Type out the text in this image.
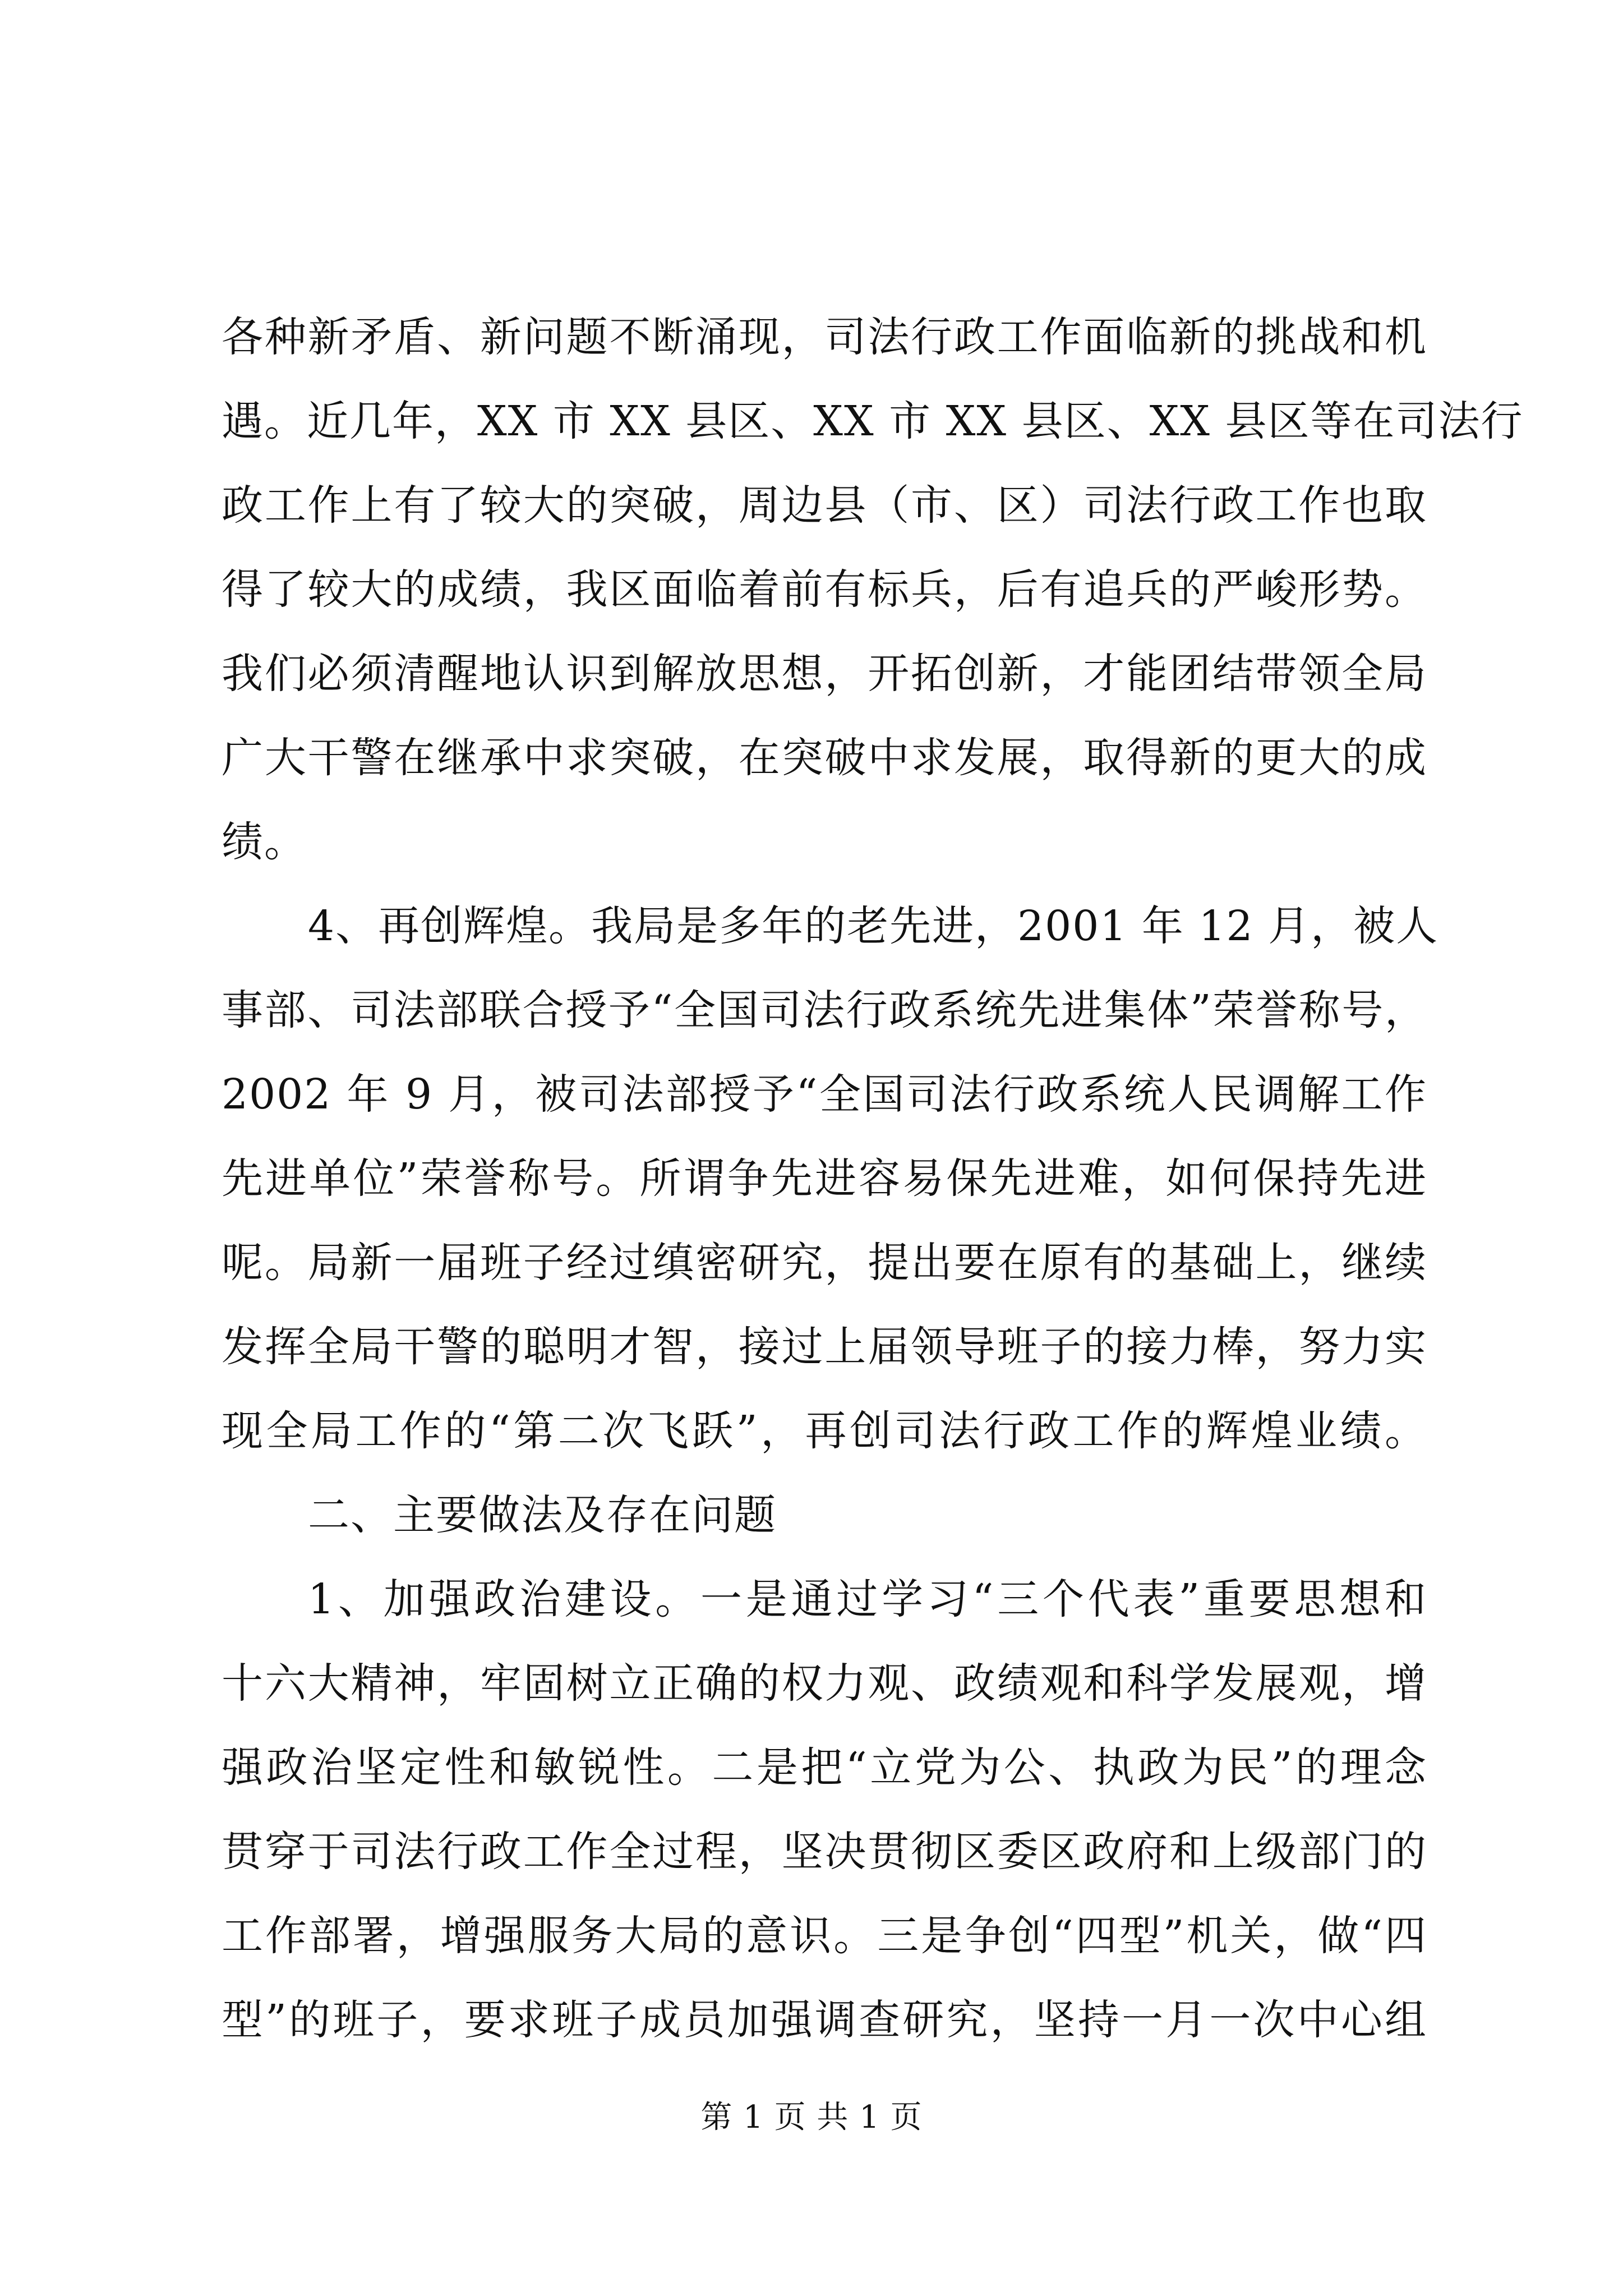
各种新矛盾、新问题不断涌现，司法行政工作面临新的挑战和机
遇。近几年，XX 市 XX 县区、XX 市 XX 县区、XX 县区等在司法行
政工作上有了较大的突破，周边县（市、区）司法行政工作也取
得了较大的成绩，我区面临着前有标兵，后有追兵的严峻形势。
我们必须清醒地认识到解放思想，开拓创新，才能团结带领全局
广大干警在继承中求突破，在突破中求发展，取得新的更大的成
绩。
4、再创辉煌。我局是多年的老先进，2001 年 12 月，被人
事部、司法部联合授予“全国司法行政系统先进集体”荣誉称号，
2002 年 9 月，被司法部授予“全国司法行政系统人民调解工作
先进单位”荣誉称号。所谓争先进容易保先进难，如何保持先进
呢。局新一届班子经过缜密研究，提出要在原有的基础上，继续
发挥全局干警的聪明才智，接过上届领导班子的接力棒，努力实
现全局工作的“第二次飞跃”，再创司法行政工作的辉煌业绩。
二、主要做法及存在问题
1、加强政治建设。一是通过学习“三个代表”重要思想和
十六大精神，牢固树立正确的权力观、政绩观和科学发展观，增
强政治坚定性和敏锐性。二是把“立党为公、执政为民”的理念
贯穿于司法行政工作全过程，坚决贯彻区委区政府和上级部门的
工作部署，增强服务大局的意识。三是争创“四型”机关，做“四
型”的班子，要求班子成员加强调查研究，坚持一月一次中心组
第 1 页 共 1 页
